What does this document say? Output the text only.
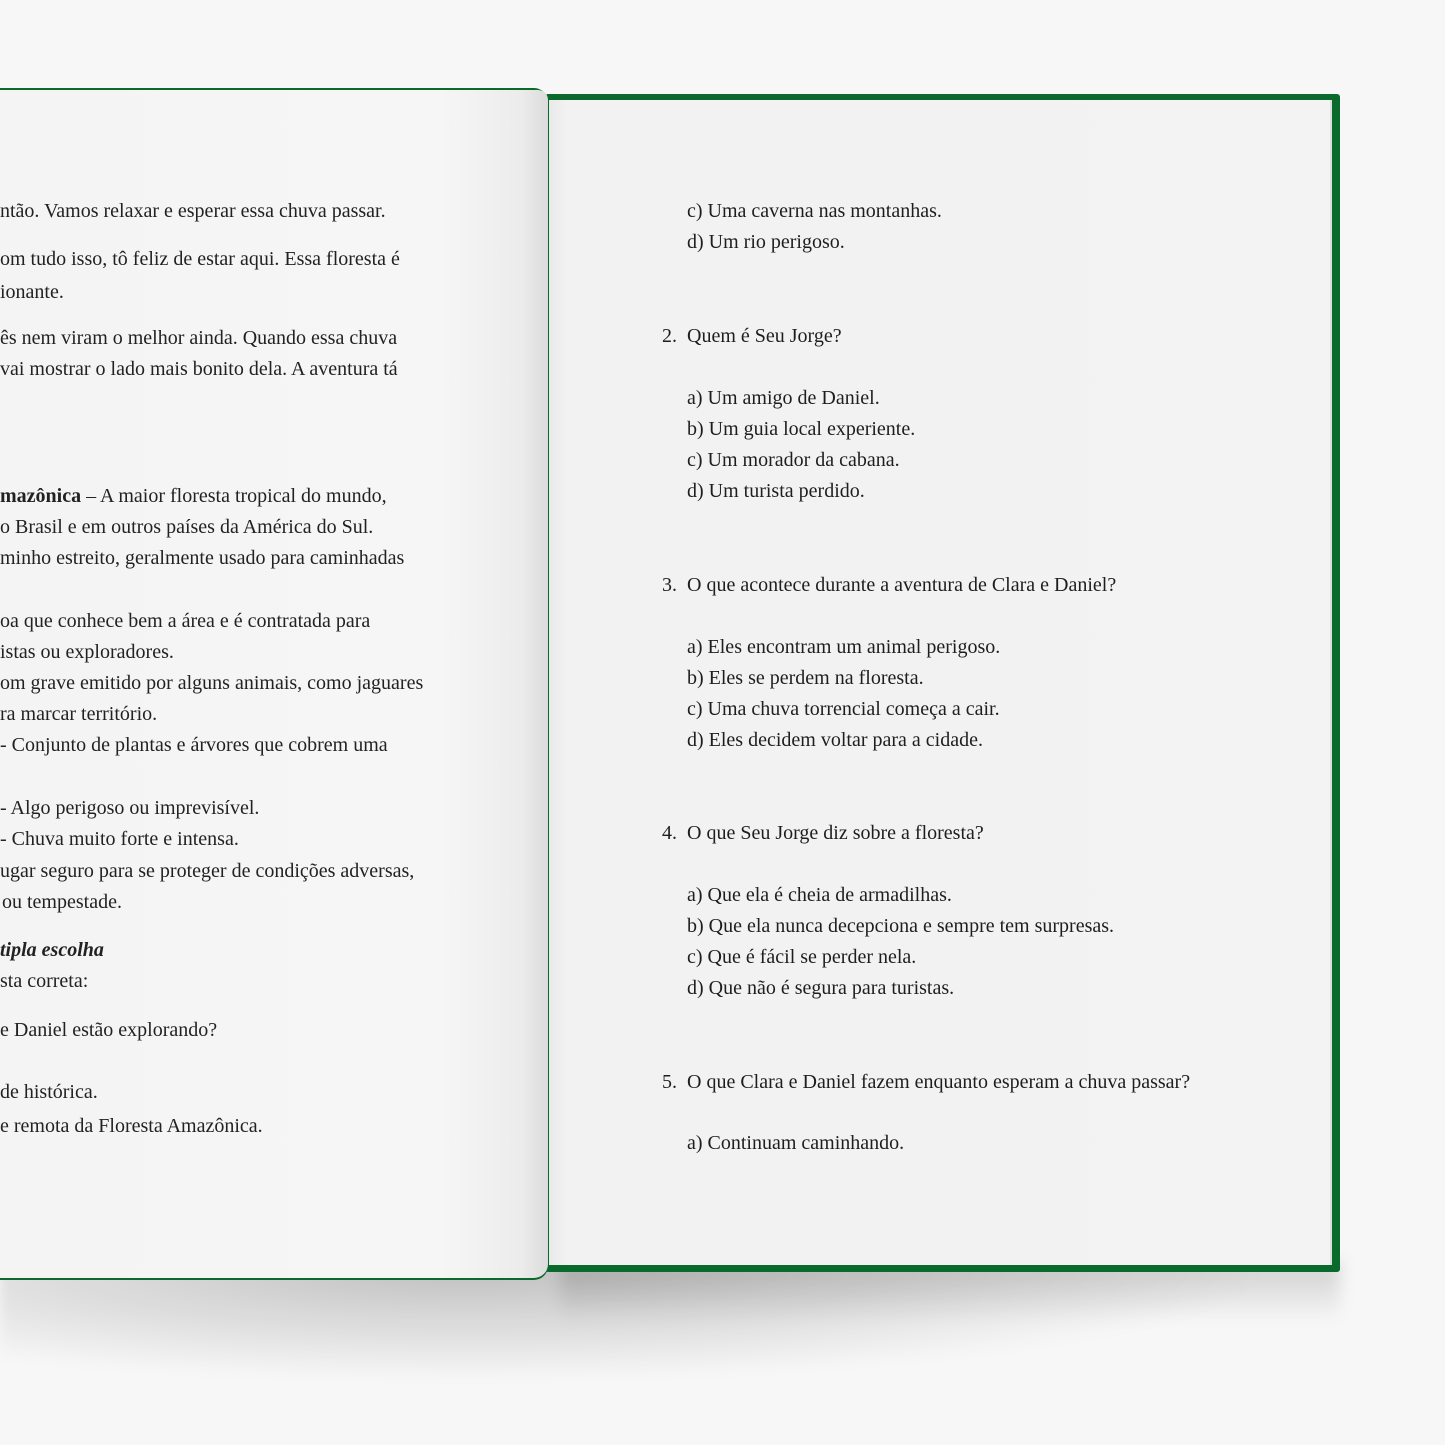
ntão. Vamos relaxar e esperar essa chuva passar.
om tudo isso, tô feliz de estar aqui. Essa floresta é
ionante.
ês nem viram o melhor ainda. Quando essa chuva
vai mostrar o lado mais bonito dela. A aventura tá
mazônica – A maior floresta tropical do mundo,
o Brasil e em outros países da América do Sul.
minho estreito, geralmente usado para caminhadas
oa que conhece bem a área e é contratada para
istas ou exploradores.
om grave emitido por alguns animais, como jaguares
ra marcar território.
- Conjunto de plantas e árvores que cobrem uma
- Algo perigoso ou imprevisível.
- Chuva muito forte e intensa.
ugar seguro para se proteger de condições adversas,
ou tempestade.
tipla escolha
sta correta:
e Daniel estão explorando?
de histórica.
e remota da Floresta Amazônica.
c) Uma caverna nas montanhas.
d) Um rio perigoso.
2. Quem é Seu Jorge?
a) Um amigo de Daniel.
b) Um guia local experiente.
c) Um morador da cabana.
d) Um turista perdido.
3. O que acontece durante a aventura de Clara e Daniel?
a) Eles encontram um animal perigoso.
b) Eles se perdem na floresta.
c) Uma chuva torrencial começa a cair.
d) Eles decidem voltar para a cidade.
4. O que Seu Jorge diz sobre a floresta?
a) Que ela é cheia de armadilhas.
b) Que ela nunca decepciona e sempre tem surpresas.
c) Que é fácil se perder nela.
d) Que não é segura para turistas.
5. O que Clara e Daniel fazem enquanto esperam a chuva passar?
a) Continuam caminhando.
